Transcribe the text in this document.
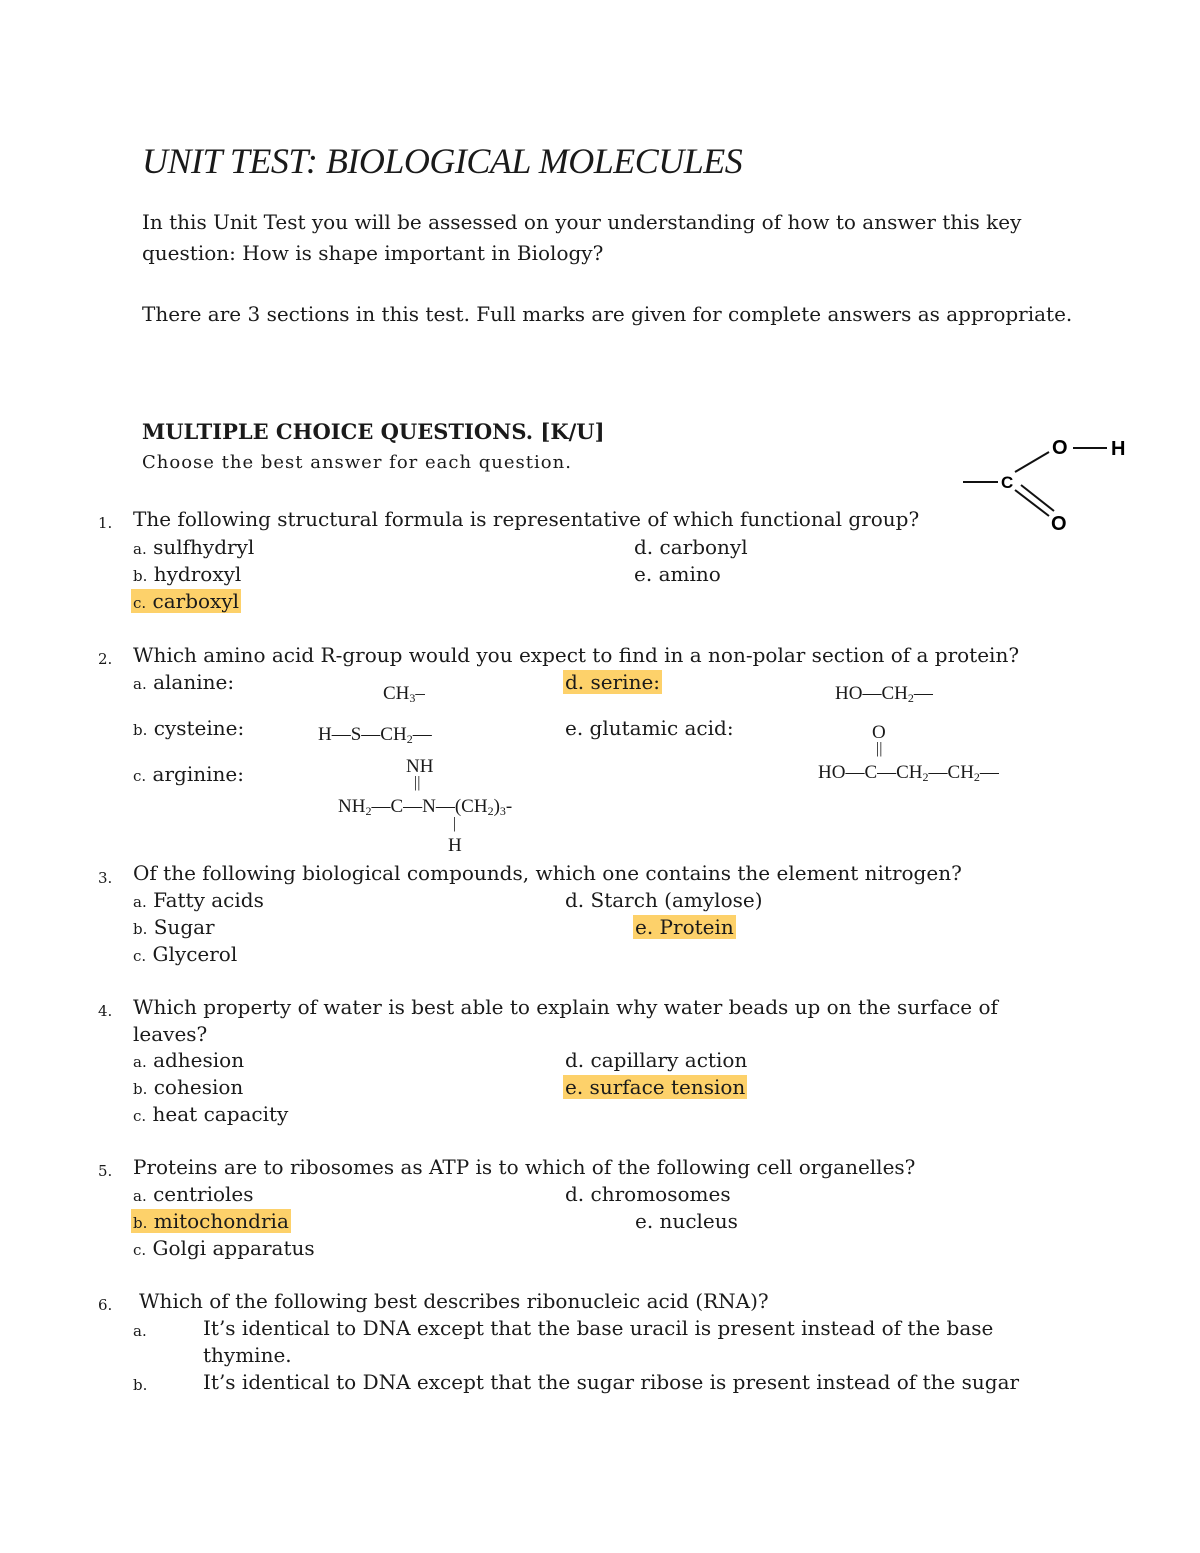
UNIT TEST: BIOLOGICAL MOLECULES
In this Unit Test you will be assessed on your understanding of how to answer this key question: How is shape important in Biology?
There are 3 sections in this test. Full marks are given for complete answers as appropriate.
MULTIPLE CHOICE QUESTIONS. [K/U]
Choose the best answer for each question.
C
O H
O
1. The following structural formula is representative of which functional group?
a. sulfhydryl
b. hydroxyl
c. carboxyl
d. carbonyl
e. amino
2. Which amino acid R-group would you expect to find in a non-polar section of a protein?
a. alanine:
b. cysteine:
c. arginine:
d. serine:
e. glutamic acid:
$CH_3-$
$H—S—CH_2—$
NH
||
$NH_2—C—N—(CH_2)_3-$
|
H
$HO—CH_2—$
O
||
$HO—C—CH_2—CH_2—$
3. Of the following biological compounds, which one contains the element nitrogen?
a. Fatty acids
b. Sugar
c. Glycerol
d. Starch (amylose)
e. Protein
4. Which property of water is best able to explain why water beads up on the surface of
leaves?
a. adhesion
b. cohesion
c. heat capacity
d. capillary action
e. surface tension
5. Proteins are to ribosomes as ATP is to which of the following cell organelles?
a. centrioles
b. mitochondria
c. Golgi apparatus
d. chromosomes
e. nucleus
6. Which of the following best describes ribonucleic acid (RNA)?
a.	It’s identical to DNA except that the base uracil is present instead of the base
thymine.
b.	It’s identical to DNA except that the sugar ribose is present instead of the sugar
